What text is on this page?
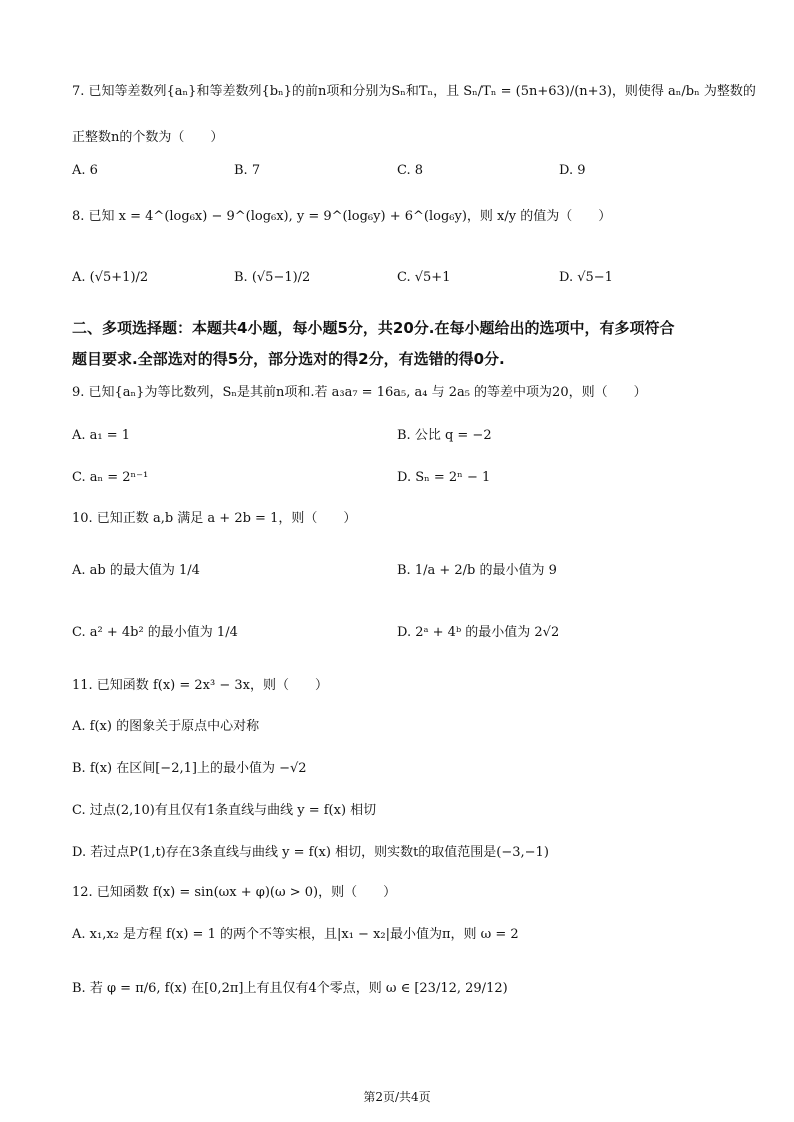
7. 已知等差数列{aₙ}和等差数列{bₙ}的前n项和分别为Sₙ和Tₙ，且 Sₙ/Tₙ = (5n+63)/(n+3)，则使得 aₙ/bₙ 为整数的
正整数n的个数为（　　）
A. 6	B. 7	C. 8	D. 9
8. 已知 x = 4^(log₆x) − 9^(log₆x), y = 9^(log₆y) + 6^(log₆y)，则 x/y 的值为（　　）
A. (√5+1)/2	B. (√5−1)/2	C. √5+1	D. √5−1
二、多项选择题：本题共4小题，每小题5分，共20分.在每小题给出的选项中，有多项符合
题目要求.全部选对的得5分，部分选对的得2分，有选错的得0分.
9. 已知{aₙ}为等比数列，Sₙ是其前n项和.若 a₃a₇ = 16a₅, a₄ 与 2a₅ 的等差中项为20，则（　　）
A. a₁ = 1	B. 公比 q = −2
C. aₙ = 2ⁿ⁻¹	D. Sₙ = 2ⁿ − 1
10. 已知正数 a,b 满足 a + 2b = 1，则（　　）
A. ab 的最大值为 1/4	B. 1/a + 2/b 的最小值为 9
C. a² + 4b² 的最小值为 1/4	D. 2ᵃ + 4ᵇ 的最小值为 2√2
11. 已知函数 f(x) = 2x³ − 3x，则（　　）
A. f(x) 的图象关于原点中心对称
B. f(x) 在区间[−2,1]上的最小值为 −√2
C. 过点(2,10)有且仅有1条直线与曲线 y = f(x) 相切
D. 若过点P(1,t)存在3条直线与曲线 y = f(x) 相切，则实数t的取值范围是(−3,−1)
12. 已知函数 f(x) = sin(ωx + φ)(ω > 0)，则（　　）
A. x₁,x₂ 是方程 f(x) = 1 的两个不等实根，且|x₁ − x₂|最小值为π，则 ω = 2
B. 若 φ = π/6, f(x) 在[0,2π]上有且仅有4个零点，则 ω ∈ [23/12, 29/12)
第2页/共4页
